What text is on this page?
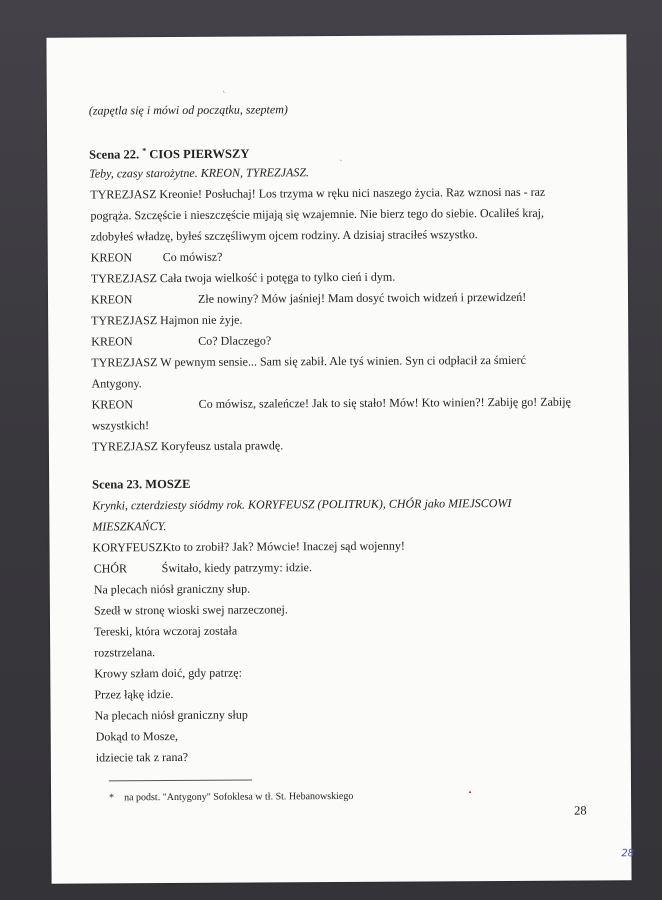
(zapętla się i mówi od początku, szeptem)
Scena 22. * CIOS PIERWSZY
Teby, czasy starożytne. KREON, TYREZJASZ.
TYREZJASZ Kreonie! Posłuchaj! Los trzyma w ręku nici naszego życia. Raz wznosi nas - raz
pogrąża. Szczęście i nieszczęście mijają się wzajemnie. Nie bierz tego do siebie. Ocaliłeś kraj,
zdobyłeś władzę, byłeś szczęśliwym ojcem rodziny. A dzisiaj straciłeś wszystko.
KREON	Co mówisz?
TYREZJASZ Cała twoja wielkość i potęga to tylko cień i dym.
KREON	Złe nowiny? Mów jaśniej! Mam dosyć twoich widzeń i przewidzeń!
TYREZJASZ Hajmon nie żyje.
KREON	Co? Dlaczego?
TYREZJASZ W pewnym sensie... Sam się zabił. Ale tyś winien. Syn ci odpłacił za śmierć
Antygony.
KREON	Co mówisz, szaleńcze! Jak to się stało! Mów! Kto winien?! Zabiję go! Zabiję
wszystkich!
TYREZJASZ Koryfeusz ustala prawdę.
Scena 23. MOSZE
Krynki, czterdziesty siódmy rok. KORYFEUSZ (POLITRUK), CHÓR jako MIEJSCOWI
MIESZKAŃCY.
KORYFEUSZKto to zrobił? Jak? Mówcie! Inaczej sąd wojenny!
CHÓR	Świtało, kiedy patrzymy: idzie.
Na plecach niósł graniczny słup.
Szedł w stronę wioski swej narzeczonej.
Tereski, która wczoraj została
rozstrzelana.
Krowy szłam doić, gdy patrzę:
Przez łąkę idzie.
Na plecach niósł graniczny słup
Dokąd to Mosze,
idziecie tak z rana?
* na podst. "Antygony" Sofoklesa w tł. St. Hebanowskiego
28
28
˛
ˋ
